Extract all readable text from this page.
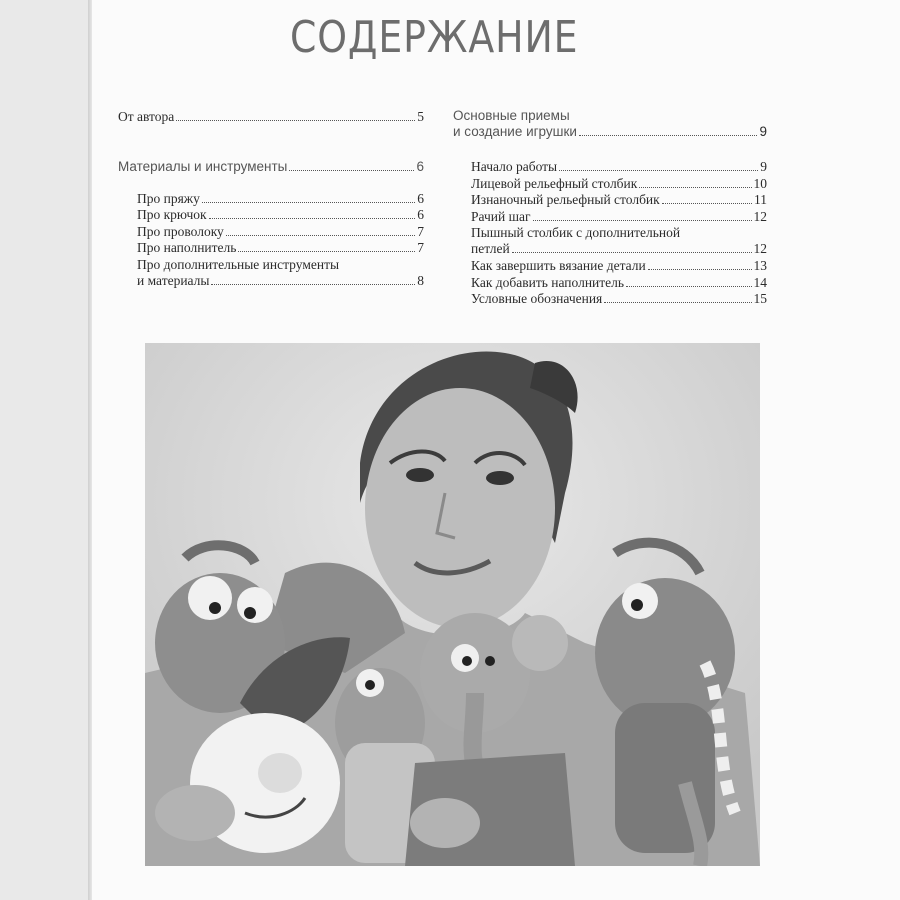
СОДЕРЖАНИЕ
От автора	5
Материалы и инструменты	6
Про пряжу	6
Про крючок	6
Про проволоку	7
Про наполнитель	7
Про дополнительные инструменты
и материалы	8
Основные приемы
и создание игрушки	9
Начало работы	9
Лицевой рельефный столбик	10
Изнаночный рельефный столбик	11
Рачий шаг	12
Пышный столбик с дополнительной
петлей	12
Как завершить вязание детали	13
Как добавить наполнитель	14
Условные обозначения	15
